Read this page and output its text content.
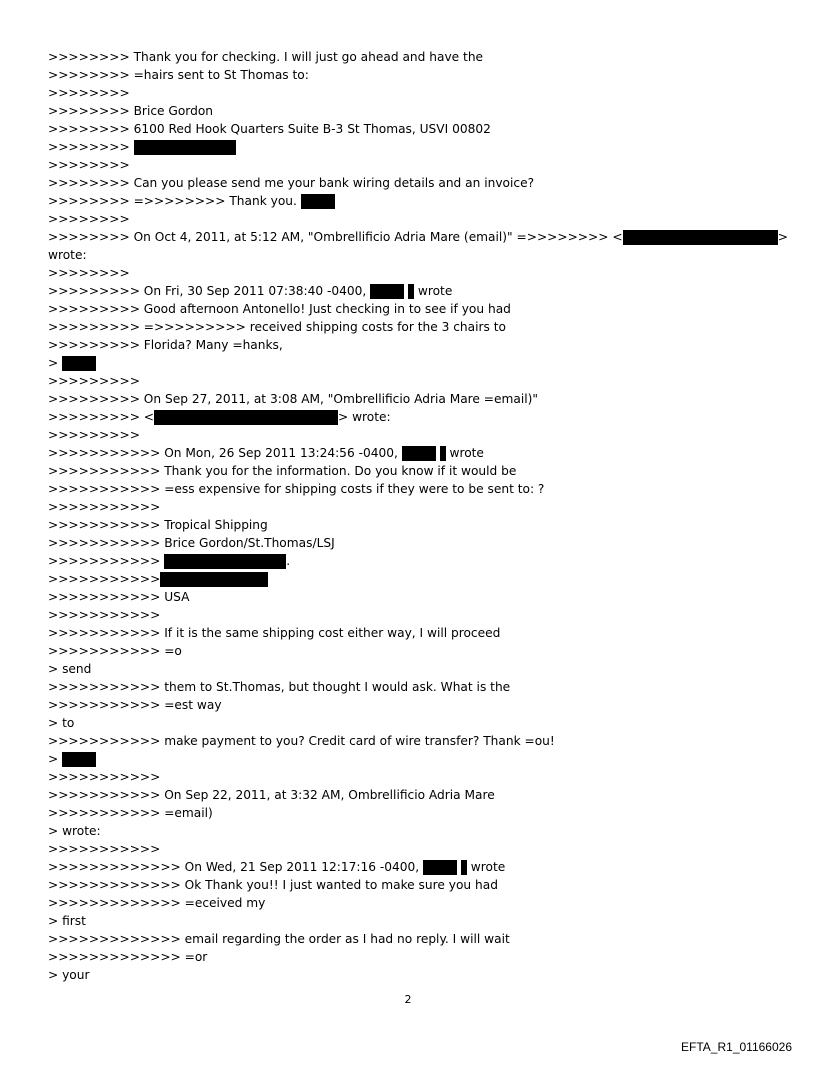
>>>>>>>> Thank you for checking. I will just go ahead and have the
>>>>>>>> =hairs sent to St Thomas to:
>>>>>>>>
>>>>>>>> Brice Gordon
>>>>>>>> 6100 Red Hook Quarters Suite B-3 St Thomas, USVI 00802
>>>>>>>>
>>>>>>>>
>>>>>>>> Can you please send me your bank wiring details and an invoice?
>>>>>>>> =>>>>>>>> Thank you.
>>>>>>>>
>>>>>>>> On Oct 4, 2011, at 5:12 AM, "Ombrellificio Adria Mare (email)" =>>>>>>>> <	>
wrote:
>>>>>>>>
>>>>>>>>> On Fri, 30 Sep 2011 07:38:40 -0400,
	wrote
>>>>>>>>> Good afternoon Antonello! Just checking in to see if you had
>>>>>>>>> =>>>>>>>>> received shipping costs for the 3 chairs to
>>>>>>>>> Florida? Many =hanks,
>
>>>>>>>>>
>>>>>>>>> On Sep 27, 2011, at 3:08 AM, "Ombrellificio Adria Mare =email)"
>>>>>>>>> <	> wrote:
>>>>>>>>>
>>>>>>>>>>> On Mon, 26 Sep 2011 13:24:56 -0400,
	wrote
>>>>>>>>>>> Thank you for the information. Do you know if it would be
>>>>>>>>>>> =ess expensive for shipping costs if they were to be sent to: ?
>>>>>>>>>>>
>>>>>>>>>>> Tropical Shipping
>>>>>>>>>>> Brice Gordon/St.Thomas/LSJ
>>>>>>>>>>>	.
>>>>>>>>>>>
>>>>>>>>>>> USA
>>>>>>>>>>>
>>>>>>>>>>> If it is the same shipping cost either way, I will proceed
>>>>>>>>>>> =o
> send
>>>>>>>>>>> them to St.Thomas, but thought I would ask. What is the
>>>>>>>>>>> =est way
> to
>>>>>>>>>>> make payment to you? Credit card of wire transfer? Thank =ou!
>
>>>>>>>>>>>
>>>>>>>>>>> On Sep 22, 2011, at 3:32 AM, Ombrellificio Adria Mare
>>>>>>>>>>> =email)
> wrote:
>>>>>>>>>>>
>>>>>>>>>>>>> On Wed, 21 Sep 2011 12:17:16 -0400,
	wrote
>>>>>>>>>>>>> Ok Thank you!! I just wanted to make sure you had
>>>>>>>>>>>>> =eceived my
> first
>>>>>>>>>>>>> email regarding the order as I had no reply. I will wait
>>>>>>>>>>>>> =or
> your
2
EFTA_R1_01166026
